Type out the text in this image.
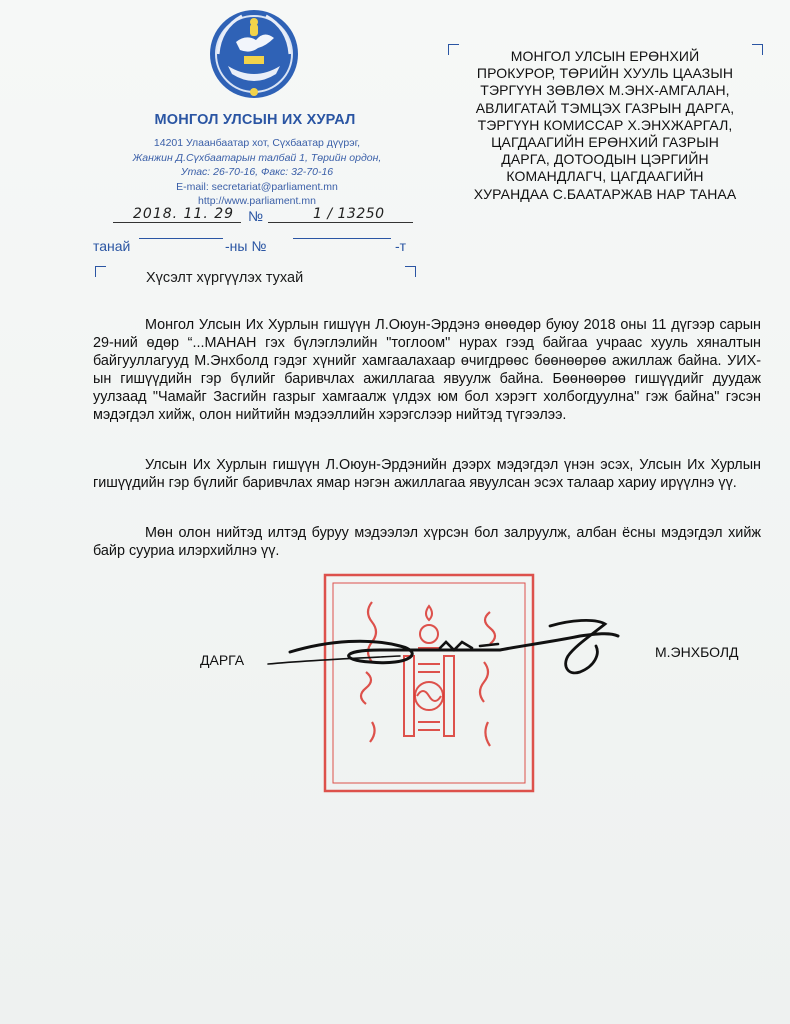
МОНГОЛ УЛСЫН ИХ ХУРАЛ
14201 Улаанбаатар хот, Сүхбаатар дүүрэг,
Жанжин Д.Сүхбаатарын талбай 1, Төрийн ордон,
Утас: 26-70-16, Факс: 32-70-16
E-mail: secretariat@parliament.mn
http://www.parliament.mn
2018. 11. 29 №	1 / 13250
танай	-ны №	-т
Хүсэлт хүргүүлэх тухай
МОНГОЛ УЛСЫН ЕРӨНХИЙ
ПРОКУРОР, ТӨРИЙН ХУУЛЬ ЦААЗЫН
ТЭРГҮҮН ЗӨВЛӨХ М.ЭНХ-АМГАЛАН,
АВЛИГАТАЙ ТЭМЦЭХ ГАЗРЫН ДАРГА,
ТЭРГҮҮН КОМИССАР Х.ЭНХЖАРГАЛ,
ЦАГДААГИЙН ЕРӨНХИЙ ГАЗРЫН
ДАРГА, ДОТООДЫН ЦЭРГИЙН
КОМАНДЛАГЧ, ЦАГДААГИЙН
ХУРАНДАА С.БААТАРЖАВ НАР ТАНАА
Монгол Улсын Их Хурлын гишүүн Л.Оюун-Эрдэнэ өнөөдөр буюу 2018 оны 11 дүгээр сарын 29-ний өдөр “...МАНАН гэх бүлэглэлийн "тоглоом" нурах гээд байгаа учраас хууль хяналтын байгууллагууд М.Энхболд гэдэг хүнийг хамгаалахаар өчигдрөөс бөөнөөрөө ажиллаж байна. УИХ-ын гишүүдийн гэр бүлийг баривчлах ажиллагаа явуулж байна. Бөөнөөрөө гишүүдийг дуудаж уулзаад "Чамайг Засгийн газрыг хамгаалж үлдэх юм бол хэрэгт холбогдуулна" гэж байна" гэсэн мэдэгдэл хийж, олон нийтийн мэдээллийн хэрэгслээр нийтэд түгээлээ.
Улсын Их Хурлын гишүүн Л.Оюун-Эрдэнийн дээрх мэдэгдэл үнэн эсэх, Улсын Их Хурлын гишүүдийн гэр бүлийг баривчлах ямар нэгэн ажиллагаа явуулсан эсэх талаар хариу ирүүлнэ үү.
Мөн олон нийтэд илтэд буруу мэдээлэл хүрсэн бол залруулж, албан ёсны мэдэгдэл хийж байр сууриа илэрхийлнэ үү.
ДАРГА	М.ЭНХБОЛД
